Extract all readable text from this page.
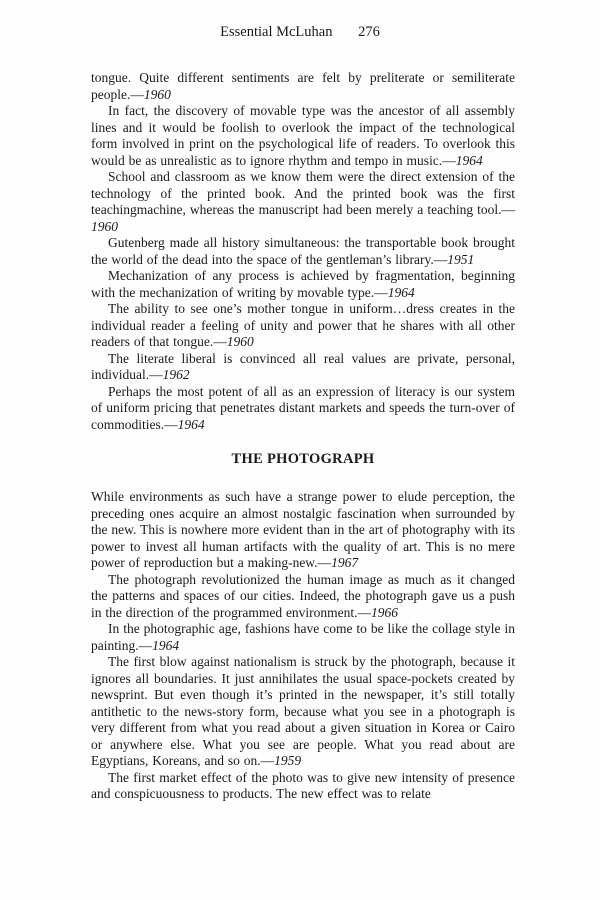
Essential McLuhan 276

tongue. Quite different sentiments are felt by preliterate or semiliterate people.—1960

In fact, the discovery of movable type was the ancestor of all assembly lines and it would be foolish to overlook the impact of the technological form involved in print on the psychological life of readers. To overlook this would be as unrealistic as to ignore rhythm and tempo in music.—1964

School and classroom as we know them were the direct extension of the technology of the printed book. And the printed book was the first teachingmachine, whereas the manuscript had been merely a teaching tool.—1960

Gutenberg made all history simultaneous: the transportable book brought the world of the dead into the space of the gentleman’s library.—1951

Mechanization of any process is achieved by fragmentation, beginning with the mechanization of writing by movable type.—1964

The ability to see one’s mother tongue in uniform…dress creates in the individual reader a feeling of unity and power that he shares with all other readers of that tongue.—1960

The literate liberal is convinced all real values are private, personal, individual.—1962

Perhaps the most potent of all as an expression of literacy is our system of uniform pricing that penetrates distant markets and speeds the turn-over of commodities.—1964

THE PHOTOGRAPH

While environments as such have a strange power to elude perception, the preceding ones acquire an almost nostalgic fascination when surrounded by the new. This is nowhere more evident than in the art of photography with its power to invest all human artifacts with the quality of art. This is no mere power of reproduction but a making-new.—1967

The photograph revolutionized the human image as much as it changed the patterns and spaces of our cities. Indeed, the photograph gave us a push in the direction of the programmed environment.—1966

In the photographic age, fashions have come to be like the collage style in painting.—1964

The first blow against nationalism is struck by the photograph, because it ignores all boundaries. It just annihilates the usual space-pockets created by newsprint. But even though it’s printed in the newspaper, it’s still totally antithetic to the news-story form, because what you see in a photograph is very different from what you read about a given situation in Korea or Cairo or anywhere else. What you see are people. What you read about are Egyptians, Koreans, and so on.—1959

The first market effect of the photo was to give new intensity of presence and conspicuousness to products. The new effect was to relate
